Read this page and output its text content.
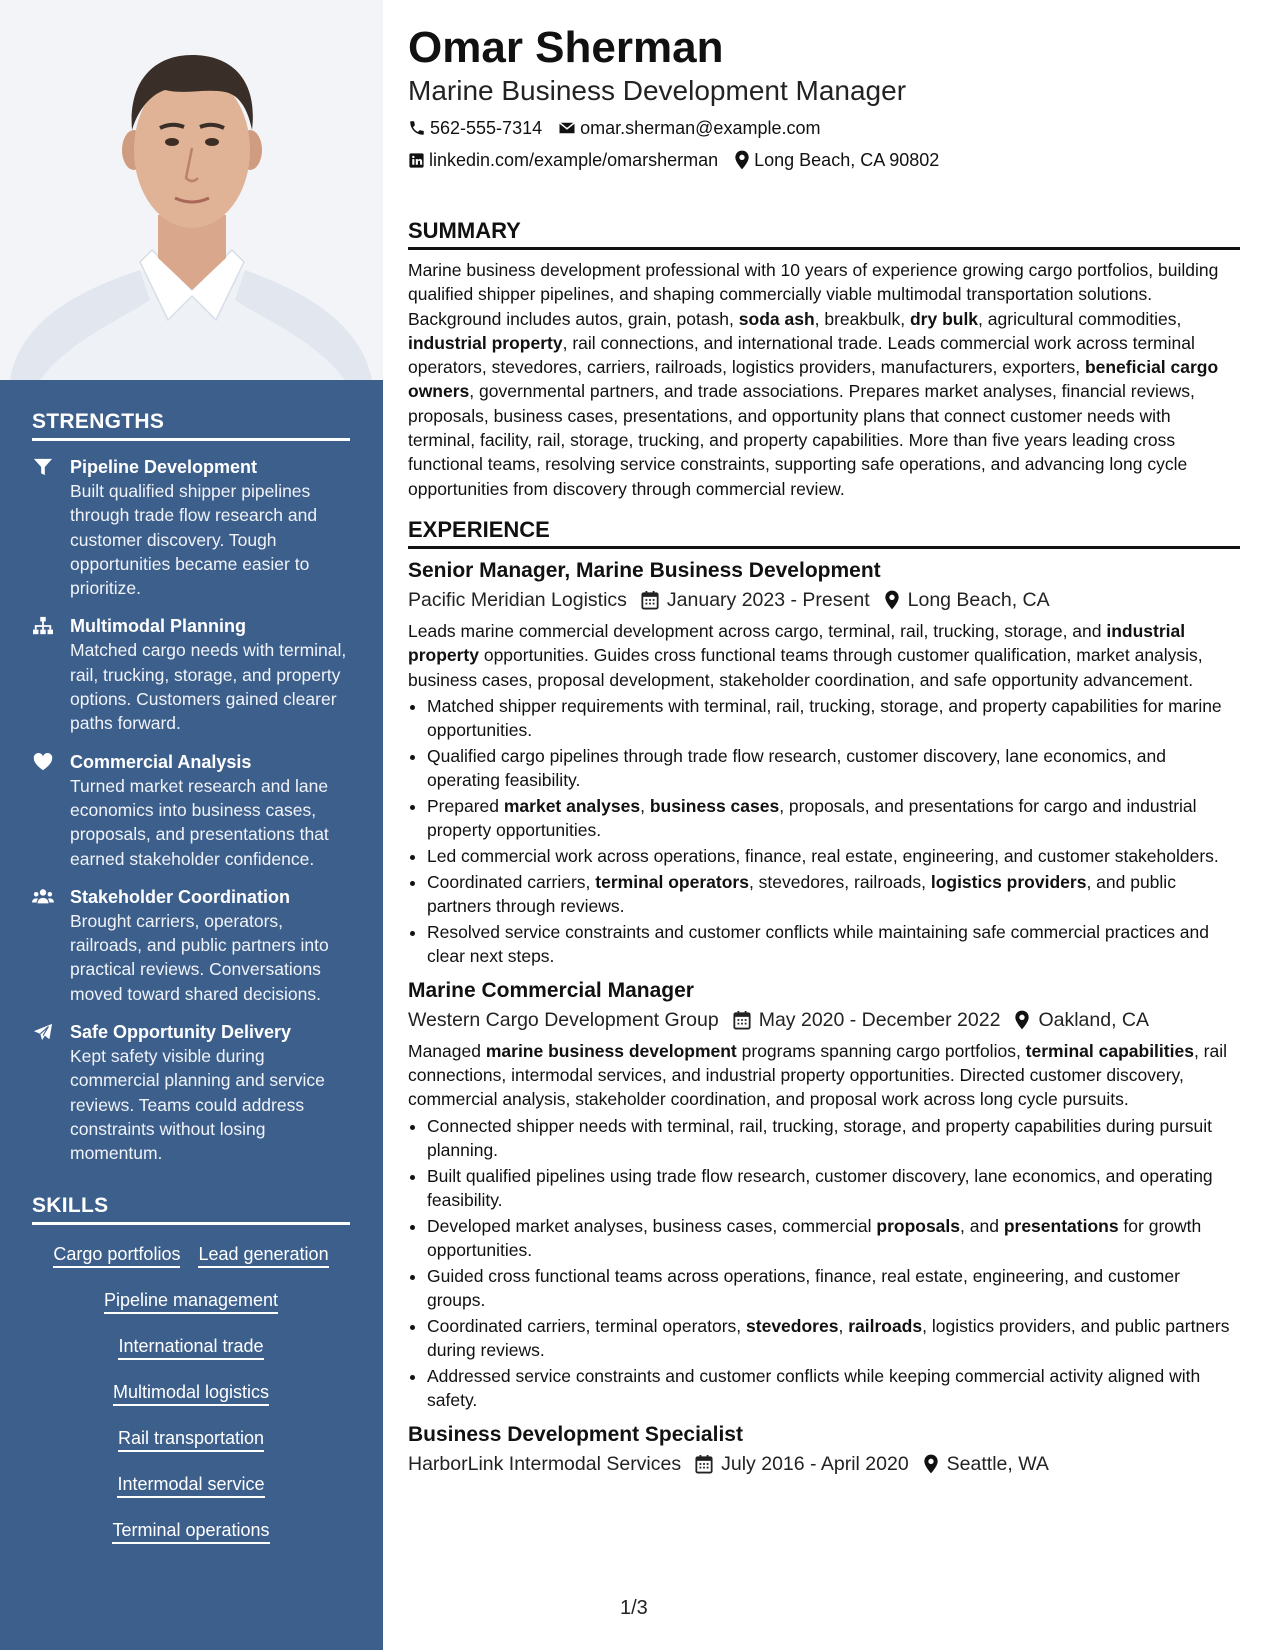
STRENGTHS
Pipeline Development
Built qualified shipper pipelines through trade flow research and customer discovery. Tough opportunities became easier to prioritize.
Multimodal Planning
Matched cargo needs with terminal, rail, trucking, storage, and property options. Customers gained clearer paths forward.
Commercial Analysis
Turned market research and lane economics into business cases, proposals, and presentations that earned stakeholder confidence.
Stakeholder Coordination
Brought carriers, operators, railroads, and public partners into practical reviews. Conversations moved toward shared decisions.
Safe Opportunity Delivery
Kept safety visible during commercial planning and service reviews. Teams could address constraints without losing momentum.
SKILLS
Cargo portfolios Lead generation
Pipeline management
International trade
Multimodal logistics
Rail transportation
Intermodal service
Terminal operations
Omar Sherman
Marine Business Development Manager
562-555-7314 omar.sherman@example.com
linkedin.com/example/omarsherman Long Beach, CA 90802
SUMMARY
Marine business development professional with 10 years of experience growing cargo portfolios, building qualified shipper pipelines, and shaping commercially viable multimodal transportation solutions. Background includes autos, grain, potash, soda ash, breakbulk, dry bulk, agricultural commodities, industrial property, rail connections, and international trade. Leads commercial work across terminal operators, stevedores, carriers, railroads, logistics providers, manufacturers, exporters, beneficial cargo owners, governmental partners, and trade associations. Prepares market analyses, financial reviews, proposals, business cases, presentations, and opportunity plans that connect customer needs with terminal, facility, rail, storage, trucking, and property capabilities. More than five years leading cross functional teams, resolving service constraints, supporting safe operations, and advancing long cycle opportunities from discovery through commercial review.
EXPERIENCE
Senior Manager, Marine Business Development
Pacific Meridian Logistics January 2023 - Present Long Beach, CA
Leads marine commercial development across cargo, terminal, rail, trucking, storage, and industrial property opportunities. Guides cross functional teams through customer qualification, market analysis, business cases, proposal development, stakeholder coordination, and safe opportunity advancement.
• Matched shipper requirements with terminal, rail, trucking, storage, and property capabilities for marine opportunities.
• Qualified cargo pipelines through trade flow research, customer discovery, lane economics, and operating feasibility.
• Prepared market analyses, business cases, proposals, and presentations for cargo and industrial property opportunities.
• Led commercial work across operations, finance, real estate, engineering, and customer stakeholders.
• Coordinated carriers, terminal operators, stevedores, railroads, logistics providers, and public partners through reviews.
• Resolved service constraints and customer conflicts while maintaining safe commercial practices and clear next steps.
Marine Commercial Manager
Western Cargo Development Group May 2020 - December 2022 Oakland, CA
Managed marine business development programs spanning cargo portfolios, terminal capabilities, rail connections, intermodal services, and industrial property opportunities. Directed customer discovery, commercial analysis, stakeholder coordination, and proposal work across long cycle pursuits.
• Connected shipper needs with terminal, rail, trucking, storage, and property capabilities during pursuit planning.
• Built qualified pipelines using trade flow research, customer discovery, lane economics, and operating feasibility.
• Developed market analyses, business cases, commercial proposals, and presentations for growth opportunities.
• Guided cross functional teams across operations, finance, real estate, engineering, and customer groups.
• Coordinated carriers, terminal operators, stevedores, railroads, logistics providers, and public partners during reviews.
• Addressed service constraints and customer conflicts while keeping commercial activity aligned with safety.
Business Development Specialist
HarborLink Intermodal Services July 2016 - April 2020 Seattle, WA
1/3
